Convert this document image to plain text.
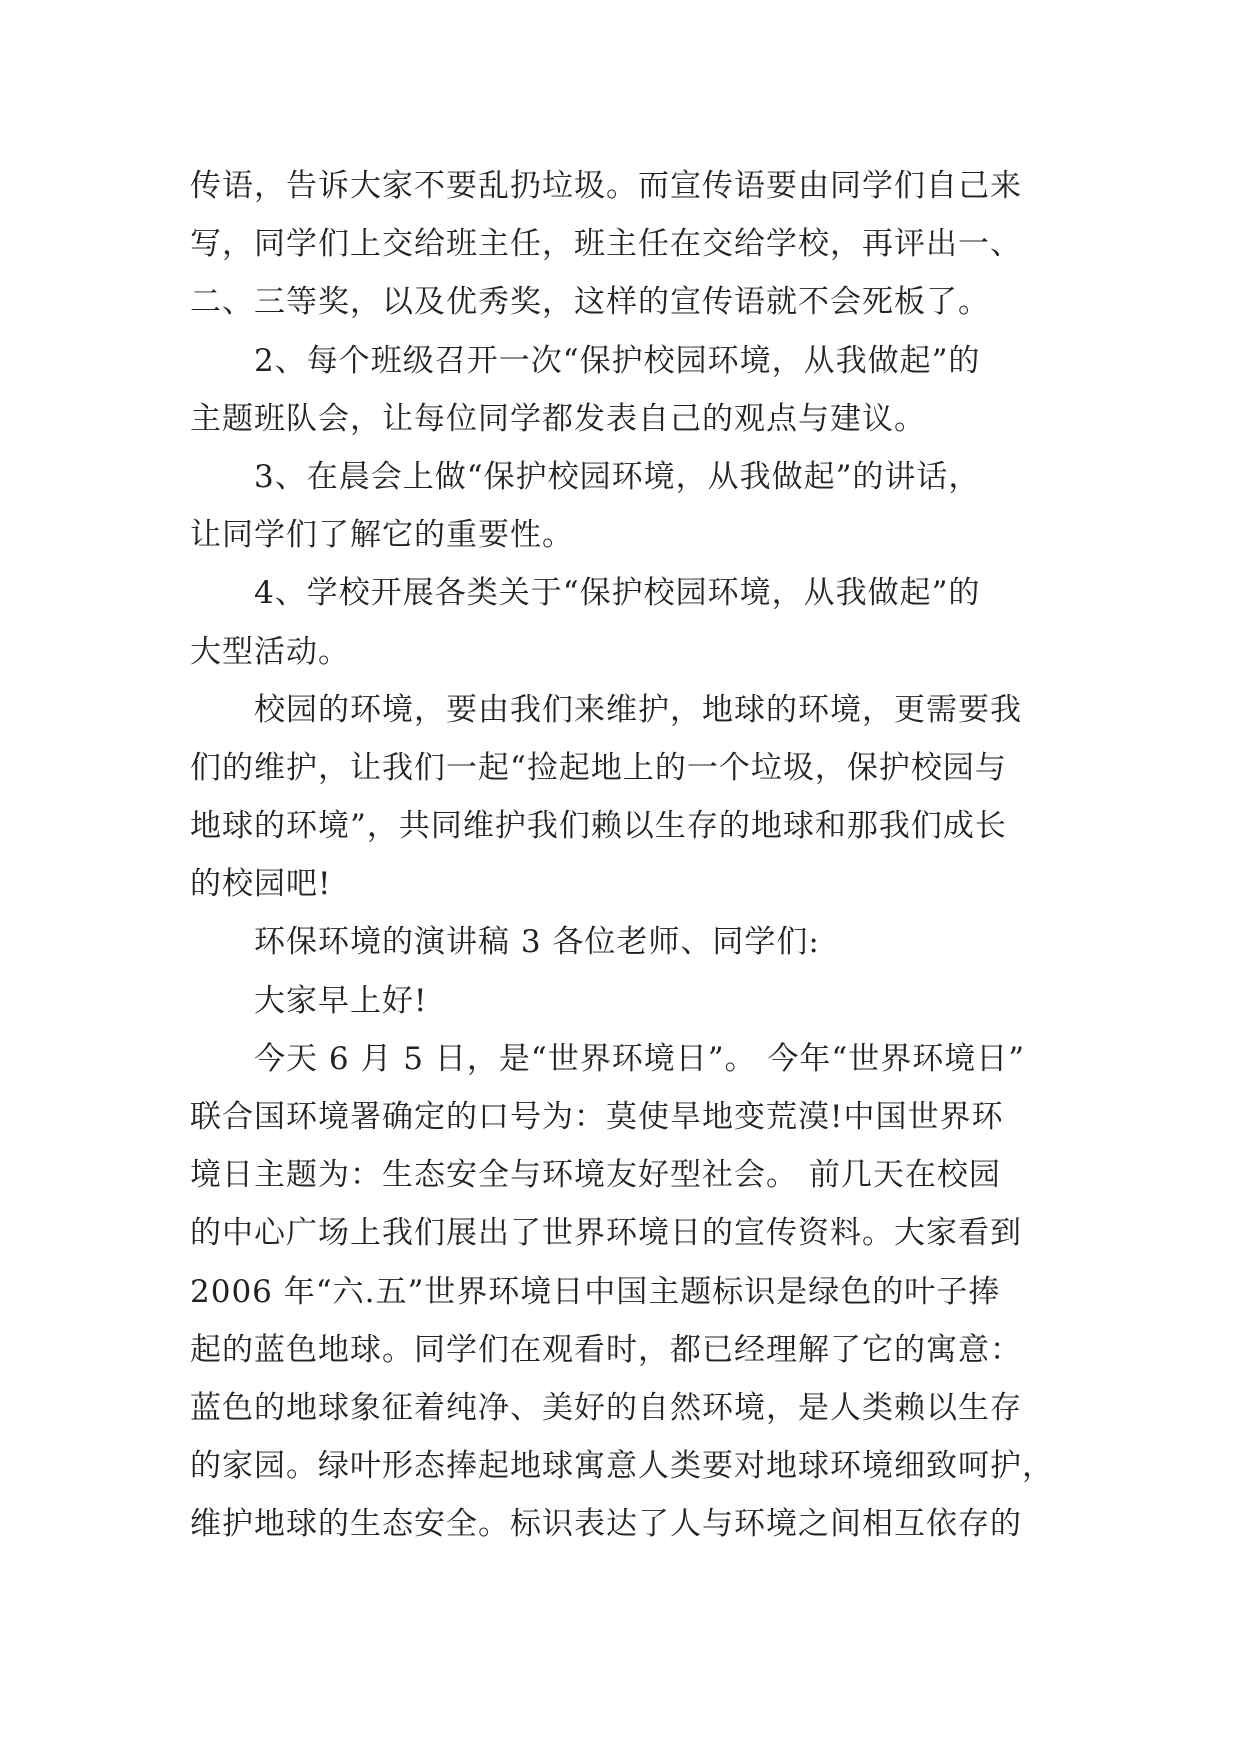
传语，告诉大家不要乱扔垃圾。而宣传语要由同学们自己来
写，同学们上交给班主任，班主任在交给学校，再评出一、
二、三等奖，以及优秀奖，这样的宣传语就不会死板了。
2、每个班级召开一次“保护校园环境，从我做起”的
主题班队会，让每位同学都发表自己的观点与建议。
3、在晨会上做“保护校园环境，从我做起”的讲话，
让同学们了解它的重要性。
4、学校开展各类关于“保护校园环境，从我做起”的
大型活动。
校园的环境，要由我们来维护，地球的环境，更需要我
们的维护，让我们一起“捡起地上的一个垃圾，保护校园与
地球的环境”，共同维护我们赖以生存的地球和那我们成长
的校园吧!
环保环境的演讲稿 3 各位老师、同学们:
大家早上好!
今天 6 月 5 日，是“世界环境日”。 今年“世界环境日”
联合国环境署确定的口号为：莫使旱地变荒漠!中国世界环
境日主题为：生态安全与环境友好型社会。 前几天在校园
的中心广场上我们展出了世界环境日的宣传资料。大家看到
2006 年“六.五”世界环境日中国主题标识是绿色的叶子捧
起的蓝色地球。同学们在观看时，都已经理解了它的寓意：
蓝色的地球象征着纯净、美好的自然环境，是人类赖以生存
的家园。绿叶形态捧起地球寓意人类要对地球环境细致呵护，
维护地球的生态安全。标识表达了人与环境之间相互依存的
